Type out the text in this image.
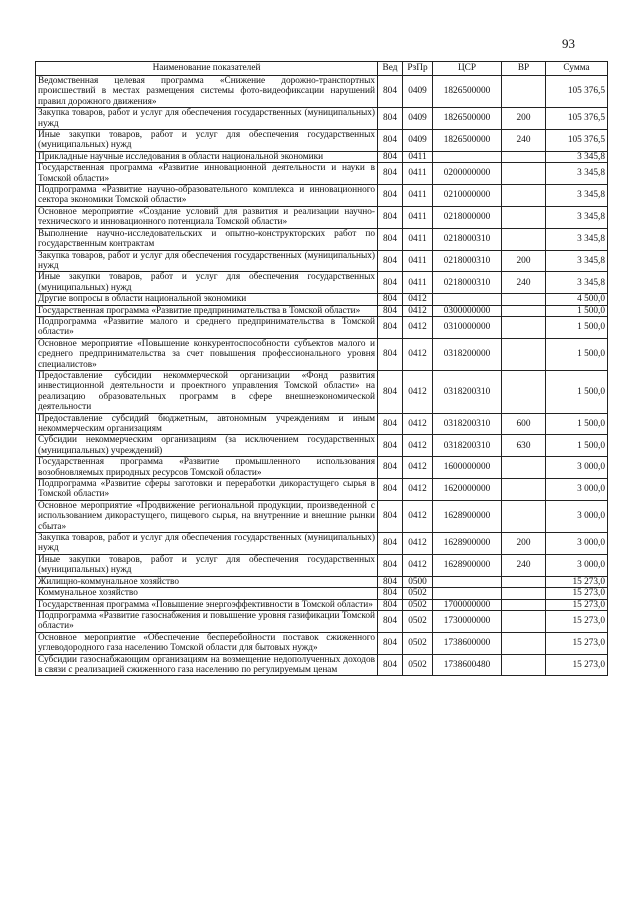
93
Наименование показателей	Вед	РзПр	ЦСР	ВР	Сумма
Ведомственная целевая программа «Снижение дорожно-транспортных происшествий в местах размещения системы фото-видеофиксации нарушений правил дорожного движения»	804	0409	1826500000		105 376,5
Закупка товаров, работ и услуг для обеспечения государственных (муниципальных) нужд	804	0409	1826500000	200	105 376,5
Иные закупки товаров, работ и услуг для обеспечения государственных (муниципальных) нужд	804	0409	1826500000	240	105 376,5
Прикладные научные исследования в области национальной экономики	804	0411			3 345,8
Государственная программа «Развитие инновационной деятельности и науки в Томской области»	804	0411	0200000000		3 345,8
Подпрограмма «Развитие научно-образовательного комплекса и инновационного сектора экономики Томской области»	804	0411	0210000000		3 345,8
Основное мероприятие «Создание условий для развития и реализации научно-технического и инновационного потенциала Томской области»	804	0411	0218000000		3 345,8
Выполнение научно-исследовательских и опытно-конструкторских работ по государственным контрактам	804	0411	0218000310		3 345,8
Закупка товаров, работ и услуг для обеспечения государственных (муниципальных) нужд	804	0411	0218000310	200	3 345,8
Иные закупки товаров, работ и услуг для обеспечения государственных (муниципальных) нужд	804	0411	0218000310	240	3 345,8
Другие вопросы в области национальной экономики	804	0412			4 500,0
Государственная программа «Развитие предпринимательства в Томской области»	804	0412	0300000000		1 500,0
Подпрограмма «Развитие малого и среднего предпринимательства в Томской области»	804	0412	0310000000		1 500,0
Основное мероприятие «Повышение конкурентоспособности субъектов малого и среднего предпринимательства за счет повышения профессионального уровня специалистов»	804	0412	0318200000		1 500,0
Предоставление субсидии некоммерческой организации «Фонд развития инвестиционной деятельности и проектного управления Томской области» на реализацию образовательных программ в сфере внешнеэкономической деятельности	804	0412	0318200310		1 500,0
Предоставление субсидий бюджетным, автономным учреждениям и иным некоммерческим организациям	804	0412	0318200310	600	1 500,0
Субсидии некоммерческим организациям (за исключением государственных (муниципальных) учреждений)	804	0412	0318200310	630	1 500,0
Государственная программа «Развитие промышленного использования возобновляемых природных ресурсов Томской области»	804	0412	1600000000		3 000,0
Подпрограмма «Развитие сферы заготовки и переработки дикорастущего сырья в Томской области»	804	0412	1620000000		3 000,0
Основное мероприятие «Продвижение региональной продукции, произведенной с использованием дикорастущего, пищевого сырья, на внутренние и внешние рынки сбыта»	804	0412	1628900000		3 000,0
Закупка товаров, работ и услуг для обеспечения государственных (муниципальных) нужд	804	0412	1628900000	200	3 000,0
Иные закупки товаров, работ и услуг для обеспечения государственных (муниципальных) нужд	804	0412	1628900000	240	3 000,0
Жилищно-коммунальное хозяйство	804	0500			15 273,0
Коммунальное хозяйство	804	0502			15 273,0
Государственная программа «Повышение энергоэффективности в Томской области»	804	0502	1700000000		15 273,0
Подпрограмма «Развитие газоснабжения и повышение уровня газификации Томской области»	804	0502	1730000000		15 273,0
Основное мероприятие «Обеспечение бесперебойности поставок сжиженного углеводородного газа населению Томской области для бытовых нужд»	804	0502	1738600000		15 273,0
Субсидии газоснабжающим организациям на возмещение недополученных доходов в связи с реализацией сжиженного газа населению по регулируемым ценам	804	0502	1738600480		15 273,0
